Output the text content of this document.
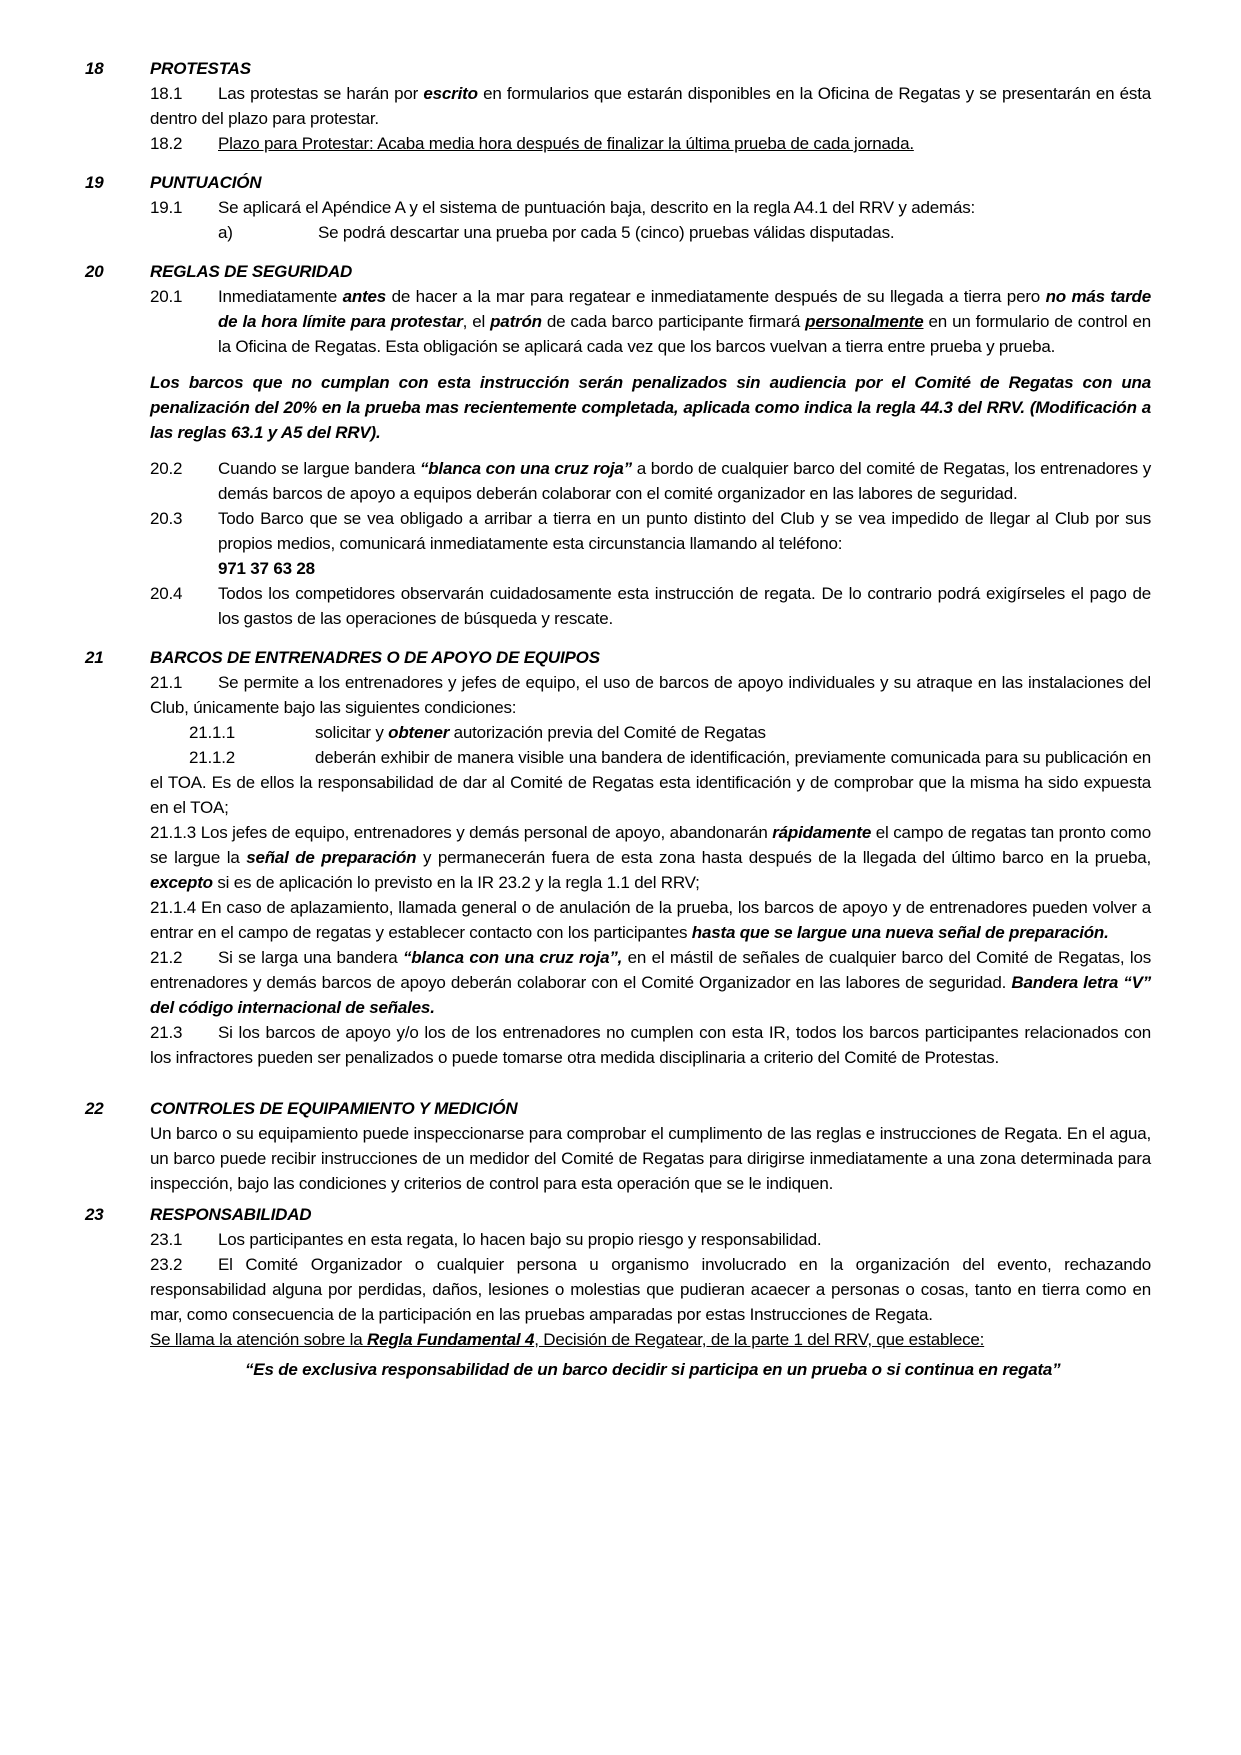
18	PROTESTAS

18.1 Las protestas se harán por escrito en formularios que estarán disponibles en la Oficina de Regatas y se presentarán en ésta dentro del plazo para protestar.

18.2 Plazo para Protestar: Acaba media hora después de finalizar la última prueba de cada jornada.

19	PUNTUACIÓN

19.1 Se aplicará el Apéndice A y el sistema de puntuación baja, descrito en la regla A4.1 del RRV y además:

a)	Se podrá descartar una prueba por cada 5 (cinco) pruebas válidas disputadas.

20	REGLAS DE SEGURIDAD

20.1 Inmediatamente antes de hacer a la mar para regatear e inmediatamente después de su llegada a tierra pero no más tarde de la hora límite para protestar, el patrón de cada barco participante firmará personalmente en un formulario de control en la Oficina de Regatas. Esta obligación se aplicará cada vez que los barcos vuelvan a tierra entre prueba y prueba.

Los barcos que no cumplan con esta instrucción serán penalizados sin audiencia por el Comité de Regatas con una penalización del 20% en la prueba mas recientemente completada, aplicada como indica la regla 44.3 del RRV. (Modificación a las reglas 63.1 y A5 del RRV).

20.2 Cuando se largue bandera “blanca con una cruz roja” a bordo de cualquier barco del comité de Regatas, los entrenadores y demás barcos de apoyo a equipos deberán colaborar con el comité organizador en las labores de seguridad.

20.3 Todo Barco que se vea obligado a arribar a tierra en un punto distinto del Club y se vea impedido de llegar al Club por sus propios medios, comunicará inmediatamente esta circunstancia llamando al teléfono:
971 37 63 28

20.4 Todos los competidores observarán cuidadosamente esta instrucción de regata. De lo contrario podrá exigírseles el pago de los gastos de las operaciones de búsqueda y rescate.

21	BARCOS DE ENTRENADRES O DE APOYO DE EQUIPOS

21.1 Se permite a los entrenadores y jefes de equipo, el uso de barcos de apoyo individuales y su atraque en las instalaciones del Club, únicamente bajo las siguientes condiciones:

21.1.1	solicitar y obtener autorización previa del Comité de Regatas

21.1.2	deberán exhibir de manera visible una bandera de identificación, previamente comunicada para su publicación en el TOA. Es de ellos la responsabilidad de dar al Comité de Regatas esta identificación y de comprobar que la misma ha sido expuesta en el TOA;

21.1.3 Los jefes de equipo, entrenadores y demás personal de apoyo, abandonarán rápidamente el campo de regatas tan pronto como se largue la señal de preparación y permanecerán fuera de esta zona hasta después de la llegada del último barco en la prueba, excepto si es de aplicación lo previsto en la IR 23.2 y la regla 1.1 del RRV;

21.1.4 En caso de aplazamiento, llamada general o de anulación de la prueba, los barcos de apoyo y de entrenadores pueden volver a entrar en el campo de regatas y establecer contacto con los participantes hasta que se largue una nueva señal de preparación.

21.2 Si se larga una bandera “blanca con una cruz roja”, en el mástil de señales de cualquier barco del Comité de Regatas, los entrenadores y demás barcos de apoyo deberán colaborar con el Comité Organizador en las labores de seguridad. Bandera letra “V” del código internacional de señales.

21.3 Si los barcos de apoyo y/o los de los entrenadores no cumplen con esta IR, todos los barcos participantes relacionados con los infractores pueden ser penalizados o puede tomarse otra medida disciplinaria a criterio del Comité de Protestas.

22	CONTROLES DE EQUIPAMIENTO Y MEDICIÓN

Un barco o su equipamiento puede inspeccionarse para comprobar el cumplimento de las reglas e instrucciones de Regata. En el agua, un barco puede recibir instrucciones de un medidor del Comité de Regatas para dirigirse inmediatamente a una zona determinada para inspección, bajo las condiciones y criterios de control para esta operación que se le indiquen.

23	RESPONSABILIDAD

23.1 Los participantes en esta regata, lo hacen bajo su propio riesgo y responsabilidad.

23.2 El Comité Organizador o cualquier persona u organismo involucrado en la organización del evento, rechazando responsabilidad alguna por perdidas, daños, lesiones o molestias que pudieran acaecer a personas o cosas, tanto en tierra como en mar, como consecuencia de la participación en las pruebas amparadas por estas Instrucciones de Regata.

Se llama la atención sobre la Regla Fundamental 4, Decisión de Regatear, de la parte 1 del RRV, que establece:

“Es de exclusiva responsabilidad de un barco decidir si participa en un prueba o si continua en regata”
